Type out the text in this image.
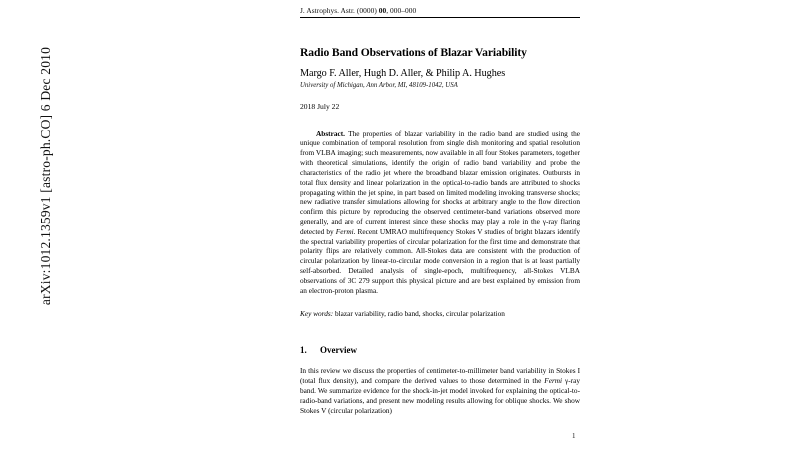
arXiv:1012.1359v1 [astro-ph.CO] 6 Dec 2010
J. Astrophys. Astr. (0000) 00, 000–000
Radio Band Observations of Blazar Variability
Margo F. Aller, Hugh D. Aller, & Philip A. Hughes
University of Michigan, Ann Arbor, MI, 48109-1042, USA
2018 July 22
Abstract. The properties of blazar variability in the radio band are studied using the unique combination of temporal resolution from single dish monitoring and spatial resolution from VLBA imaging; such measurements, now available in all four Stokes parameters, together with theoretical simulations, identify the origin of radio band variability and probe the characteristics of the radio jet where the broadband blazar emission originates. Outbursts in total flux density and linear polarization in the optical-to-radio bands are attributed to shocks propagating within the jet spine, in part based on limited modeling invoking transverse shocks; new radiative transfer simulations allowing for shocks at arbitrary angle to the flow direction confirm this picture by reproducing the observed centimeter-band variations observed more generally, and are of current interest since these shocks may play a role in the γ-ray flaring detected by Fermi. Recent UMRAO multifrequency Stokes V studies of bright blazars identify the spectral variability properties of circular polarization for the first time and demonstrate that polarity flips are relatively common. All-Stokes data are consistent with the production of circular polarization by linear-to-circular mode conversion in a region that is at least partially self-absorbed. Detailed analysis of single-epoch, multifrequency, all-Stokes VLBA observations of 3C 279 support this physical picture and are best explained by emission from an electron-proton plasma.
Key words: blazar variability, radio band, shocks, circular polarization
1. Overview
In this review we discuss the properties of centimeter-to-millimeter band variability in Stokes I (total flux density), and compare the derived values to those determined in the Fermi γ-ray band. We summarize evidence for the shock-in-jet model invoked for explaining the optical-to-radio-band variations, and present new modeling results allowing for oblique shocks. We show Stokes V (circular polarization)
1
